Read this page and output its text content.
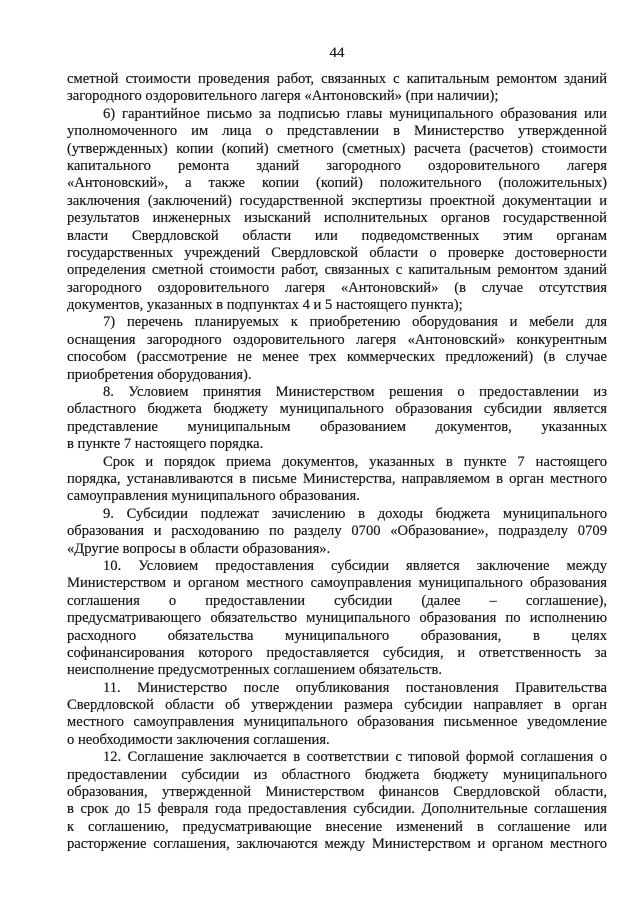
44
сметной стоимости проведения работ, связанных с капитальным ремонтом зданий
загородного оздоровительного лагеря «Антоновский» (при наличии);
6) гарантийное письмо за подписью главы муниципального образования или
уполномоченного им лица о представлении в Министерство утвержденной
(утвержденных) копии (копий) сметного (сметных) расчета (расчетов) стоимости
капитального ремонта зданий загородного оздоровительного лагеря
«Антоновский», а также копии (копий) положительного (положительных)
заключения (заключений) государственной экспертизы проектной документации и
результатов инженерных изысканий исполнительных органов государственной
власти Свердловской области или подведомственных этим органам
государственных учреждений Свердловской области о проверке достоверности
определения сметной стоимости работ, связанных с капитальным ремонтом зданий
загородного оздоровительного лагеря «Антоновский» (в случае отсутствия
документов, указанных в подпунктах 4 и 5 настоящего пункта);
7) перечень планируемых к приобретению оборудования и мебели для
оснащения загородного оздоровительного лагеря «Антоновский» конкурентным
способом (рассмотрение не менее трех коммерческих предложений) (в случае
приобретения оборудования).
8. Условием принятия Министерством решения о предоставлении из
областного бюджета бюджету муниципального образования субсидии является
представление муниципальным образованием документов, указанных
в пункте 7 настоящего порядка.
Срок и порядок приема документов, указанных в пункте 7 настоящего
порядка, устанавливаются в письме Министерства, направляемом в орган местного
самоуправления муниципального образования.
9. Субсидии подлежат зачислению в доходы бюджета муниципального
образования и расходованию по разделу 0700 «Образование», подразделу 0709
«Другие вопросы в области образования».
10. Условием предоставления субсидии является заключение между
Министерством и органом местного самоуправления муниципального образования
соглашения о предоставлении субсидии (далее – соглашение),
предусматривающего обязательство муниципального образования по исполнению
расходного обязательства муниципального образования, в целях
софинансирования которого предоставляется субсидия, и ответственность за
неисполнение предусмотренных соглашением обязательств.
11. Министерство после опубликования постановления Правительства
Свердловской области об утверждении размера субсидии направляет в орган
местного самоуправления муниципального образования письменное уведомление
о необходимости заключения соглашения.
12. Соглашение заключается в соответствии с типовой формой соглашения о
предоставлении субсидии из областного бюджета бюджету муниципального
образования, утвержденной Министерством финансов Свердловской области,
в срок до 15 февраля года предоставления субсидии. Дополнительные соглашения
к соглашению, предусматривающие внесение изменений в соглашение или
расторжение соглашения, заключаются между Министерством и органом местного
